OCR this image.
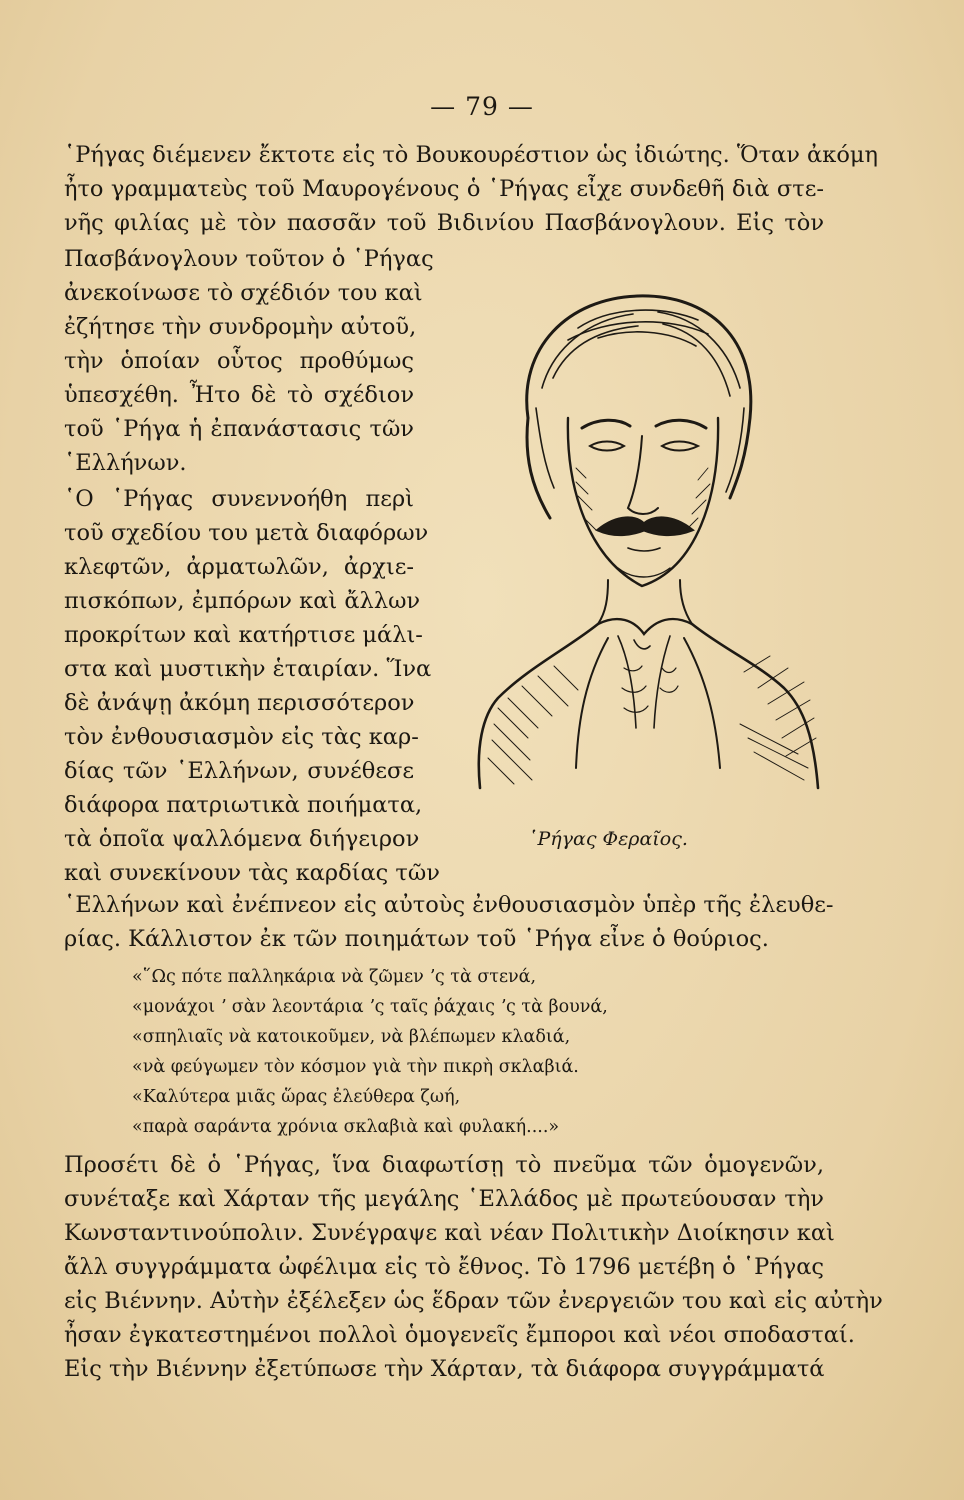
— 79 —
῾Ρήγας διέμενεν ἔκτοτε εἰς τὸ Βουκουρέστιον ὡς ἰδιώτης. Ὅταν ἀκόμη
ἦτο γραμματεὺς τοῦ Μαυρογένους ὁ ῾Ρήγας εἶχε συνδεθῆ διὰ στε-
νῆς φιλίας μὲ τὸν πασσᾶν τοῦ Βιδινίου Πασβάνογλουν. Εἰς τὸν
Πασβάνογλουν τοῦτον ὁ ῾Ρήγας
ἀνεκοίνωσε τὸ σχέδιόν του καὶ
ἐζήτησε τὴν συνδρομὴν αὐτοῦ,
τὴν ὁποίαν οὗτος προθύμως
ὑπεσχέθη. Ἦτο δὲ τὸ σχέδιον
τοῦ ῾Ρήγα ἡ ἐπανάστασις τῶν
῾Ελλήνων.
῾Ο ῾Ρήγας συνεννοήθη περὶ
τοῦ σχεδίου του μετὰ διαφόρων
κλεφτῶν, ἀρματωλῶν, ἀρχιε-
πισκόπων, ἐμπόρων καὶ ἄλλων
προκρίτων καὶ κατήρτισε μάλι-
στα καὶ μυστικὴν ἑταιρίαν. Ἵνα
δὲ ἀνάψῃ ἀκόμη περισσότερον
τὸν ἐνθουσιασμὸν εἰς τὰς καρ-
δίας τῶν ῾Ελλήνων, συνέθεσε
διάφορα πατριωτικὰ ποιήματα,
τὰ ὁποῖα ψαλλόμενα διήγειρον
καὶ συνεκίνουν τὰς καρδίας τῶν
῾Ελλήνων καὶ ἐνέπνεον εἰς αὐτοὺς ἐνθουσιασμὸν ὑπὲρ τῆς ἐλευθε-
ρίας. Κάλλιστον ἐκ τῶν ποιημάτων τοῦ ῾Ρήγα εἶνε ὁ θούριος.
«῞Ως πότε παλληκάρια νὰ ζῶμεν ʼς τὰ στενά,
«μονάχοι ʼ σὰν λεοντάρια ʼς ταῖς ῥάχαις ʼς τὰ βουνά,
«σπηλιαῖς νὰ κατοικοῦμεν, νὰ βλέπωμεν κλαδιά,
«νὰ φεύγωμεν τὸν κόσμον γιὰ τὴν πικρὴ σκλαβιά.
«Καλύτερα μιᾶς ὥρας ἐλεύθερα ζωή,
«παρὰ σαράντα χρόνια σκλαβιὰ καὶ φυλακή....»
Προσέτι δὲ ὁ ῾Ρήγας, ἵνα διαφωτίσῃ τὸ πνεῦμα τῶν ὁμογενῶν,
συνέταξε καὶ Χάρταν τῆς μεγάλης ῾Ελλάδος μὲ πρωτεύουσαν τὴν
Κωνσταντινούπολιν. Συνέγραψε καὶ νέαν Πολιτικὴν Διοίκησιν καὶ
ἄλλ συγγράμματα ὠφέλιμα εἰς τὸ ἔθνος. Τὸ 1796 μετέβη ὁ ῾Ρήγας
εἰς Βιέννην. Αὐτὴν ἐξέλεξεν ὡς ἕδραν τῶν ἐνεργειῶν του καὶ εἰς αὐτὴν
ἦσαν ἐγκατεστημένοι πολλοὶ ὁμογενεῖς ἔμποροι καὶ νέοι σποδασταί.
Εἰς τὴν Βιέννην ἐξετύπωσε τὴν Χάρταν, τὰ διάφορα συγγράμματά
῾Ρήγας Φεραῖος.
